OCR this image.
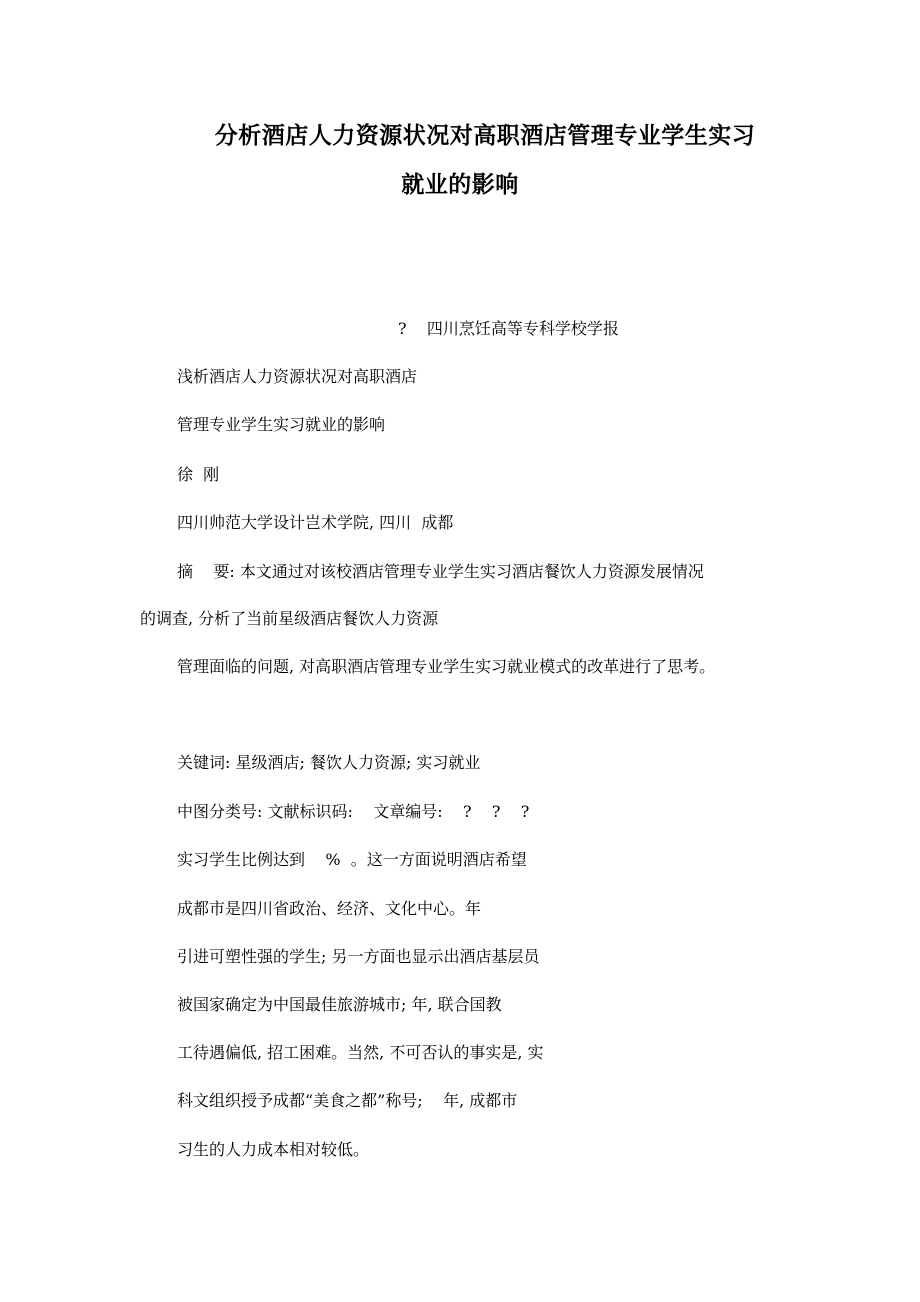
分析酒店人力资源状况对高职酒店管理专业学生实习
就业的影响

?    四川烹饪高等专科学校学报

浅析酒店人力资源状况对高职酒店

管理专业学生实习就业的影响

徐  刚

四川帅范大学设计岂术学院, 四川  成都

摘    要: 本文通过对该校酒店管理专业学生实习酒店餐饮人力资源发展情况

的调查, 分析了当前星级酒店餐饮人力资源

管理面临的问题, 对高职酒店管理专业学生实习就业模式的改革进行了思考。

关键词: 星级酒店; 餐饮人力资源; 实习就业

中图分类号: 文献标识码:    文章编号:    ?    ?    ?

实习学生比例达到    %  。这一方面说明酒店希望

成都市是四川省政治、经济、文化中心。年

引进可塑性强的学生; 另一方面也显示出酒店基层员

被国家确定为中国最佳旅游城市; 年, 联合国教

工待遇偏低, 招工困难。当然, 不可否认的事实是, 实

科文组织授予成都“美食之都”称号;    年, 成都市

习生的人力成本相对较低。
